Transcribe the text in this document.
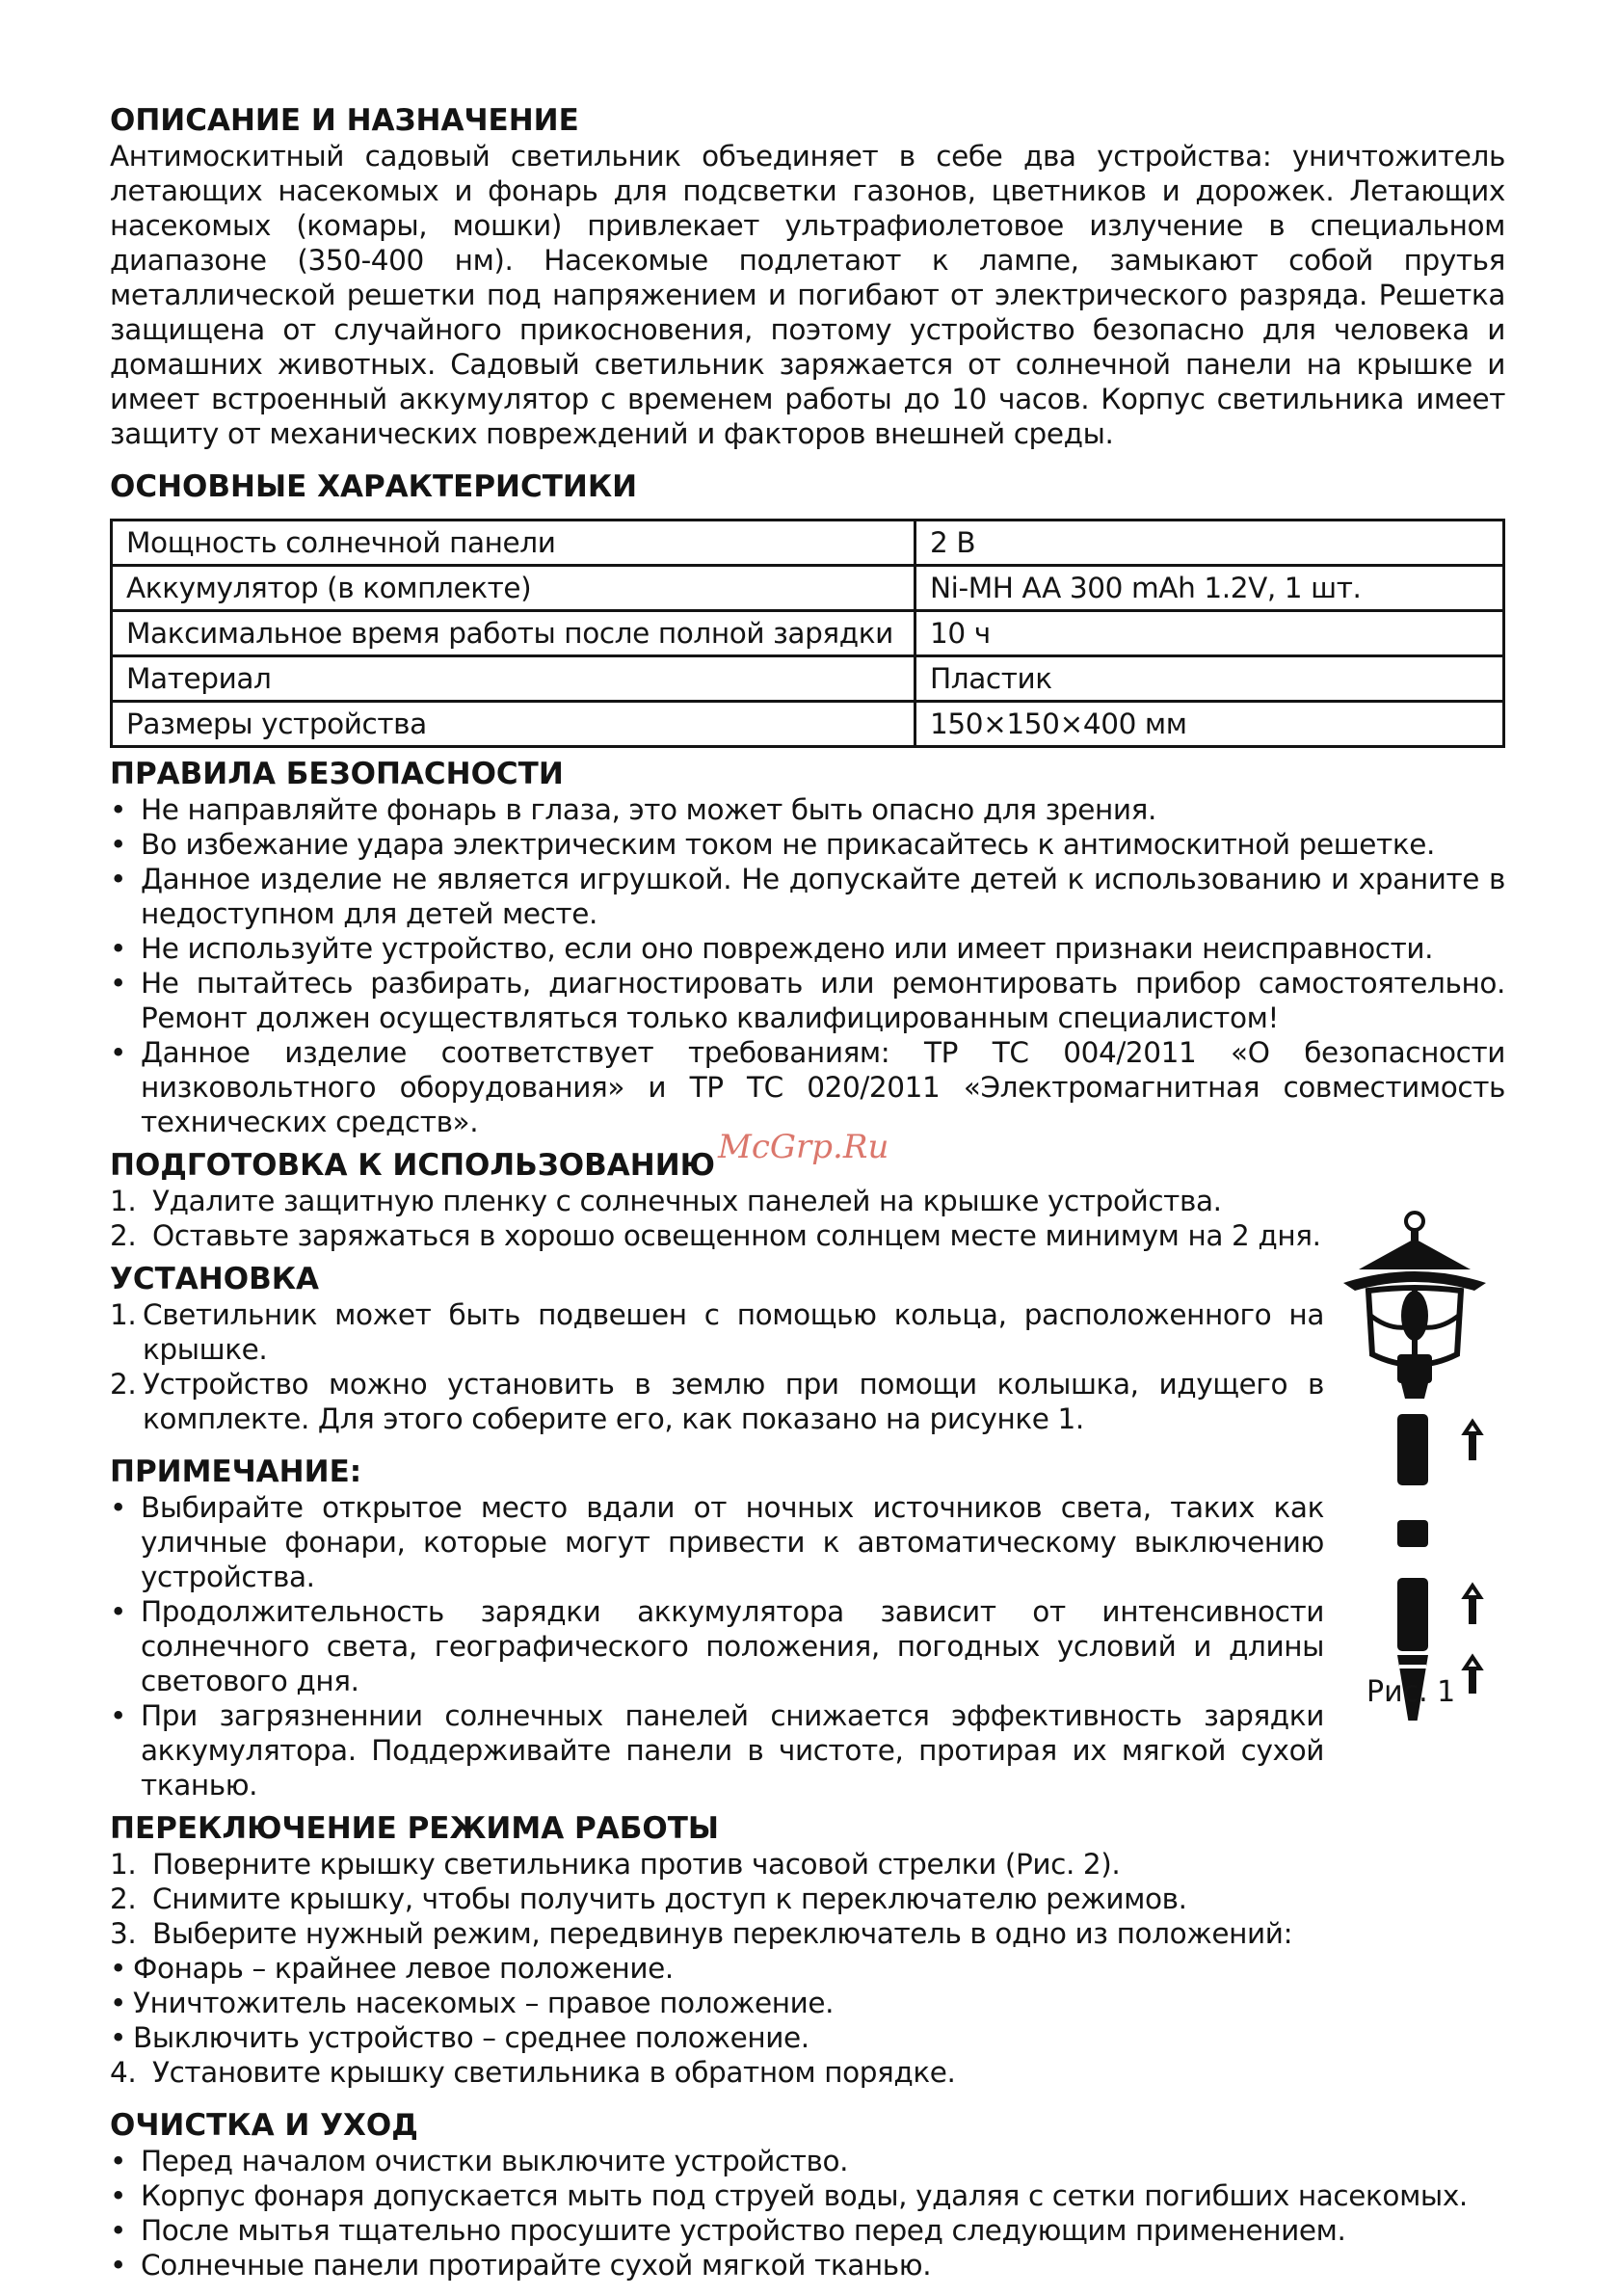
ОПИСАНИЕ И НАЗНАЧЕНИЕ

Антимоскитный садовый светильник объединяет в себе два устройства: уничтожитель летающих насекомых и фонарь для подсветки газонов, цветников и дорожек. Летающих насекомых (комары, мошки) привлекает ультрафиолетовое излучение в специальном диапазоне (350-400 нм). Насекомые подлетают к лампе, замыкают собой прутья металлической решетки под напряжением и погибают от электрического разряда. Решетка защищена от случайного прикосновения, поэтому устройство безопасно для человека и домашних животных. Садовый светильник заряжается от солнечной панели на крышке и имеет встроенный аккумулятор с временем работы до 10 часов. Корпус светильника имеет защиту от механических повреждений и факторов внешней среды.

ОСНОВНЫЕ ХАРАКТЕРИСТИКИ
Мощность солнечной панели	2 В
Аккумулятор (в комплекте)	Ni-MH AA 300 mAh 1.2V, 1 шт.
Максимальное время работы после полной зарядки	10 ч
Материал	Пластик
Размеры устройства	150×150×400 мм
ПРАВИЛА БЕЗОПАСНОСТИ
• Не направляйте фонарь в глаза, это может быть опасно для зрения.
• Во избежание удара электрическим током не прикасайтесь к антимоскитной решетке.
• Данное изделие не является игрушкой. Не допускайте детей к использованию и храните в недоступном для детей месте.
• Не используйте устройство, если оно повреждено или имеет признаки неисправности.
• Не пытайтесь разбирать, диагностировать или ремонтировать прибор самостоятельно. Ремонт должен осуществляться только квалифицированным специалистом!
• Данное изделие соответствует требованиям: ТР ТС 004/2011 «О безопасности низковольтного оборудования» и ТР ТС 020/2011 «Электромагнитная совместимость технических средств».
ПОДГОТОВКА К ИСПОЛЬЗОВАНИЮ
1. Удалите защитную пленку с солнечных панелей на крышке устройства.
2. Оставьте заряжаться в хорошо освещенном солнцем месте минимум на 2 дня.
УСТАНОВКА
1. Светильник может быть подвешен с помощью кольца, расположенного на крышке.
2. Устройство можно установить в землю при помощи колышка, идущего в комплекте. Для этого соберите его, как показано на рисунке 1.
ПРИМЕЧАНИЕ:
• Выбирайте открытое место вдали от ночных источников света, таких как уличные фонари, которые могут привести к автоматическому выключению устройства.
• Продолжительность зарядки аккумулятора зависит от интенсивности солнечного света, географического положения, погодных условий и длины светового дня.
• При загрязненнии солнечных панелей снижается эффективность зарядки аккумулятора. Поддерживайте панели в чистоте, протирая их мягкой сухой тканью.
ПЕРЕКЛЮЧЕНИЕ РЕЖИМА РАБОТЫ
1. Поверните крышку светильника против часовой стрелки (Рис. 2).
2. Снимите крышку, чтобы получить доступ к переключателю режимов.
3. Выберите нужный режим, передвинув переключатель в одно из положений:
• Фонарь – крайнее левое положение.
• Уничтожитель насекомых – правое положение.
• Выключить устройство – среднее положение.
4. Установите крышку светильника в обратном порядке.
ОЧИСТКА И УХОД
• Перед началом очистки выключите устройство.
• Корпус фонаря допускается мыть под струей воды, удаляя с сетки погибших насекомых.
• После мытья тщательно просушите устройство перед следующим применением.
• Солнечные панели протирайте сухой мягкой тканью.
Рис. 1
McGrp.Ru
